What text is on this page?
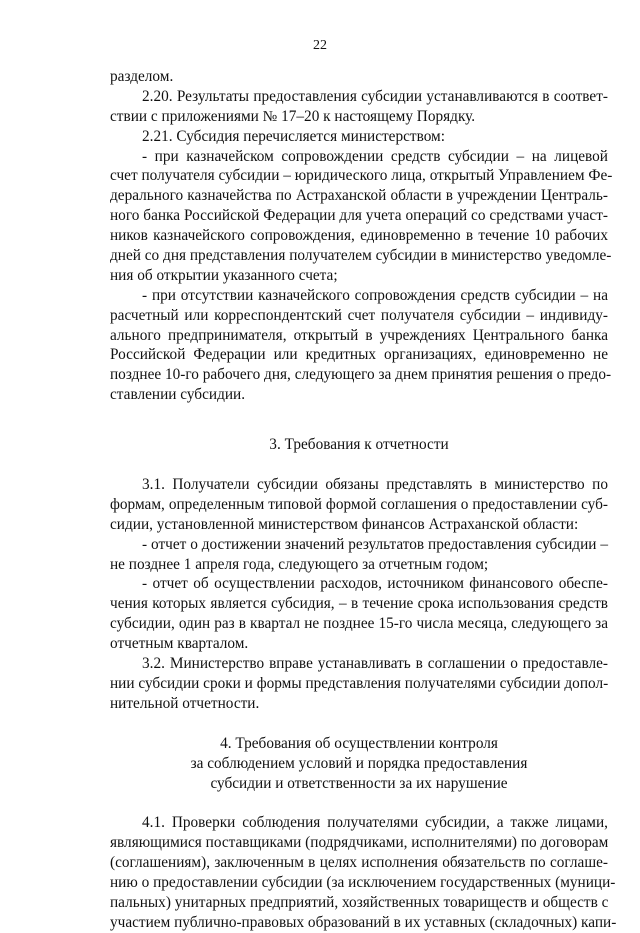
22
разделом.
2.20. Результаты предоставления субсидии устанавливаются в соответ-
ствии с приложениями № 17–20 к настоящему Порядку.
2.21. Субсидия перечисляется министерством:
- при казначейском сопровождении средств субсидии – на лицевой
счет получателя субсидии – юридического лица, открытый Управлением Фе-
дерального казначейства по Астраханской области в учреждении Централь-
ного банка Российской Федерации для учета операций со средствами участ-
ников казначейского сопровождения, единовременно в течение 10 рабочих
дней со дня представления получателем субсидии в министерство уведомле-
ния об открытии указанного счета;
- при отсутствии казначейского сопровождения средств субсидии – на
расчетный или корреспондентский счет получателя субсидии – индивиду-
ального предпринимателя, открытый в учреждениях Центрального банка
Российской Федерации или кредитных организациях, единовременно не
позднее 10-го рабочего дня, следующего за днем принятия решения о предо-
ставлении субсидии.
3. Требования к отчетности
3.1. Получатели субсидии обязаны представлять в министерство по
формам, определенным типовой формой соглашения о предоставлении суб-
сидии, установленной министерством финансов Астраханской области:
- отчет о достижении значений результатов предоставления субсидии –
не позднее 1 апреля года, следующего за отчетным годом;
- отчет об осуществлении расходов, источником финансового обеспе-
чения которых является субсидия, – в течение срока использования средств
субсидии, один раз в квартал не позднее 15-го числа месяца, следующего за
отчетным кварталом.
3.2. Министерство вправе устанавливать в соглашении о предоставле-
нии субсидии сроки и формы представления получателями субсидии допол-
нительной отчетности.
4. Требования об осуществлении контроля
за соблюдением условий и порядка предоставления
субсидии и ответственности за их нарушение
4.1. Проверки соблюдения получателями субсидии, а также лицами,
являющимися поставщиками (подрядчиками, исполнителями) по договорам
(соглашениям), заключенным в целях исполнения обязательств по соглаше-
нию о предоставлении субсидии (за исключением государственных (муници-
пальных) унитарных предприятий, хозяйственных товариществ и обществ с
участием публично-правовых образований в их уставных (складочных) капи-
